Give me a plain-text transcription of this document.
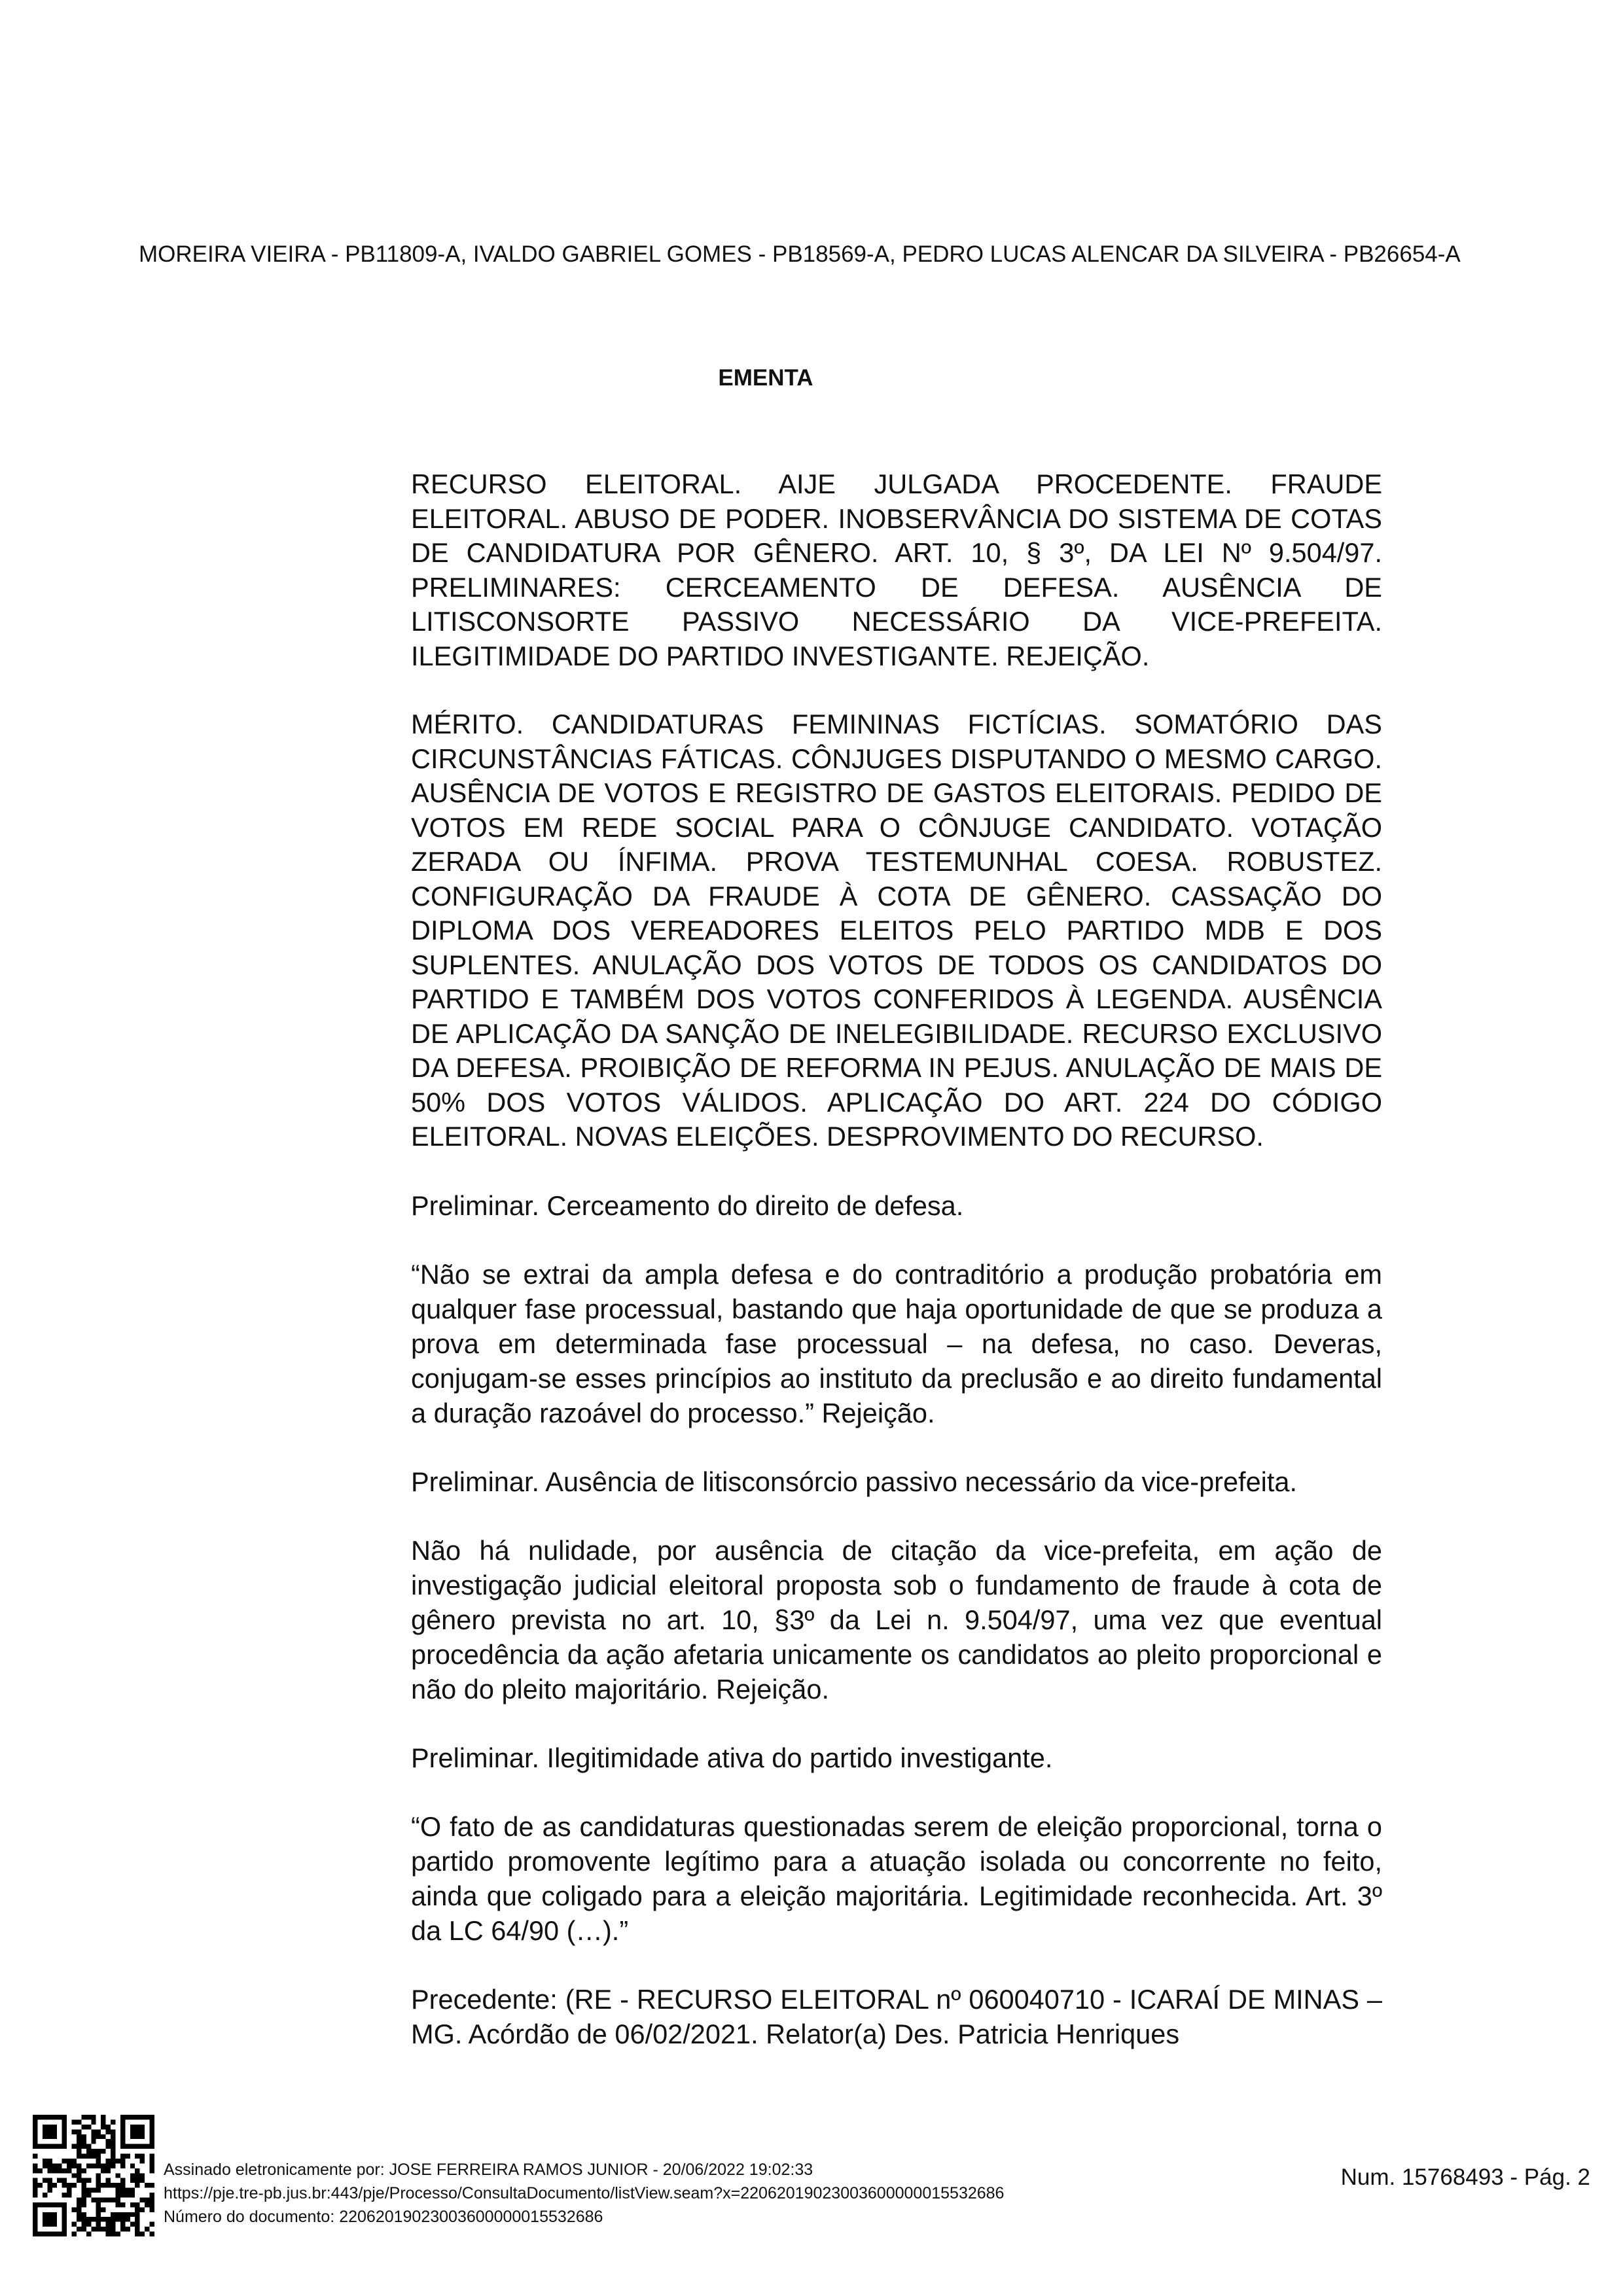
MOREIRA VIEIRA - PB11809-A, IVALDO GABRIEL GOMES - PB18569-A, PEDRO LUCAS ALENCAR DA SILVEIRA - PB26654-A
EMENTA

RECURSO ELEITORAL. AIJE JULGADA PROCEDENTE. FRAUDE ELEITORAL. ABUSO DE PODER. INOBSERVÂNCIA DO SISTEMA DE COTAS DE CANDIDATURA POR GÊNERO. ART. 10, § 3º, DA LEI Nº 9.504/97. PRELIMINARES: CERCEAMENTO DE DEFESA. AUSÊNCIA DE LITISCONSORTE PASSIVO NECESSÁRIO DA VICE-PREFEITA. ILEGITIMIDADE DO PARTIDO INVESTIGANTE. REJEIÇÃO.

MÉRITO. CANDIDATURAS FEMININAS FICTÍCIAS. SOMATÓRIO DAS CIRCUNSTÂNCIAS FÁTICAS. CÔNJUGES DISPUTANDO O MESMO CARGO. AUSÊNCIA DE VOTOS E REGISTRO DE GASTOS ELEITORAIS. PEDIDO DE VOTOS EM REDE SOCIAL PARA O CÔNJUGE CANDIDATO. VOTAÇÃO ZERADA OU ÍNFIMA. PROVA TESTEMUNHAL COESA. ROBUSTEZ. CONFIGURAÇÃO DA FRAUDE À COTA DE GÊNERO. CASSAÇÃO DO DIPLOMA DOS VEREADORES ELEITOS PELO PARTIDO MDB E DOS SUPLENTES. ANULAÇÃO DOS VOTOS DE TODOS OS CANDIDATOS DO PARTIDO E TAMBÉM DOS VOTOS CONFERIDOS À LEGENDA. AUSÊNCIA DE APLICAÇÃO DA SANÇÃO DE INELEGIBILIDADE. RECURSO EXCLUSIVO DA DEFESA. PROIBIÇÃO DE REFORMA IN PEJUS. ANULAÇÃO DE MAIS DE 50% DOS VOTOS VÁLIDOS. APLICAÇÃO DO ART. 224 DO CÓDIGO ELEITORAL. NOVAS ELEIÇÕES. DESPROVIMENTO DO RECURSO.

Preliminar. Cerceamento do direito de defesa.

“Não se extrai da ampla defesa e do contraditório a produção probatória em qualquer fase processual, bastando que haja oportunidade de que se produza a prova em determinada fase processual – na defesa, no caso. Deveras, conjugam-se esses princípios ao instituto da preclusão e ao direito fundamental a duração razoável do processo.” Rejeição.

Preliminar. Ausência de litisconsórcio passivo necessário da vice-prefeita.

Não há nulidade, por ausência de citação da vice-prefeita, em ação de investigação judicial eleitoral proposta sob o fundamento de fraude à cota de gênero prevista no art. 10, §3º da Lei n. 9.504/97, uma vez que eventual procedência da ação afetaria unicamente os candidatos ao pleito proporcional e não do pleito majoritário. Rejeição.

Preliminar. Ilegitimidade ativa do partido investigante.

“O fato de as candidaturas questionadas serem de eleição proporcional, torna o partido promovente legítimo para a atuação isolada ou concorrente no feito, ainda que coligado para a eleição majoritária. Legitimidade reconhecida. Art. 3º da LC 64/90 (…).”

Precedente: (RE - RECURSO ELEITORAL nº 060040710 - ICARAÍ DE MINAS – MG. Acórdão de 06/02/2021. Relator(a) Des. Patricia Henriques

Assinado eletronicamente por: JOSE FERREIRA RAMOS JUNIOR - 20/06/2022 19:02:33
https://pje.tre-pb.jus.br:443/pje/Processo/ConsultaDocumento/listView.seam?x=22062019023003600000015532686
Número do documento: 22062019023003600000015532686
Num. 15768493 - Pág. 2
